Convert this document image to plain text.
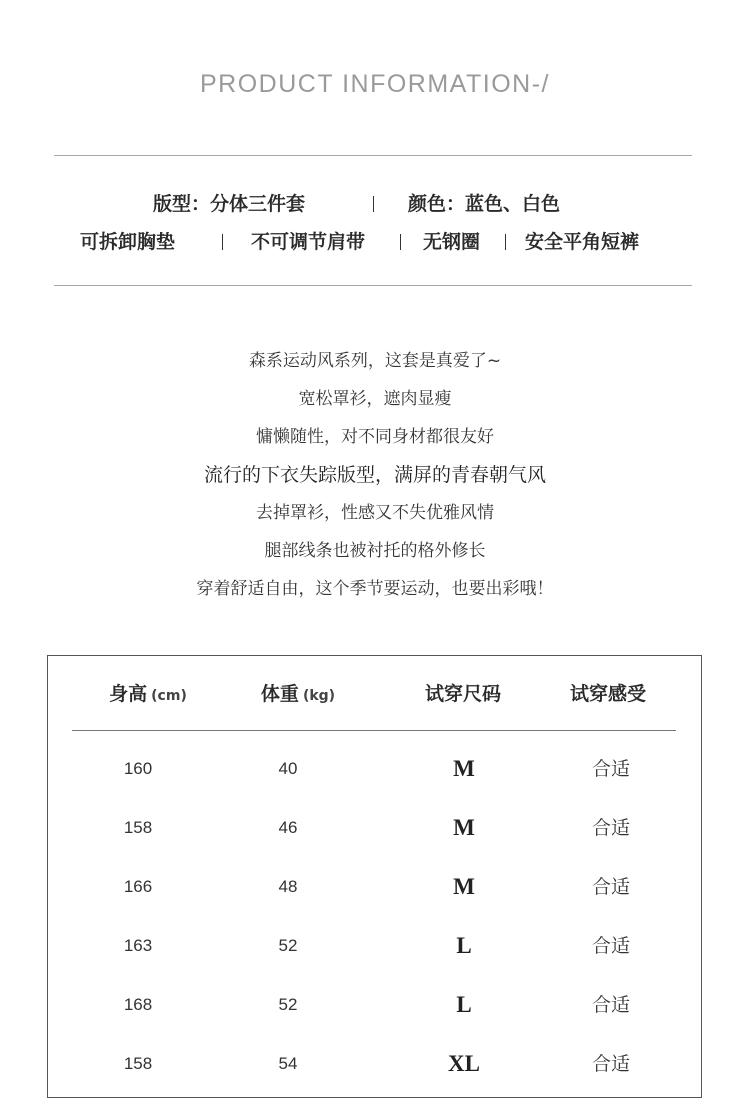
PRODUCT INFORMATION-/
版型：分体三件套	颜色：蓝色、白色
可拆卸胸垫	不可调节肩带	无钢圈 安全平角短裤
森系运动风系列，这套是真爱了~
宽松罩衫，遮肉显瘦
慵懒随性，对不同身材都很友好
流行的下衣失踪版型，满屏的青春朝气风
去掉罩衫，性感又不失优雅风情
腿部线条也被衬托的格外修长
穿着舒适自由，这个季节要运动，也要出彩哦！
身高 (cm)	体重 (kg)	试穿尺码	试穿感受
160	40	M	合适
158	46	M	合适
166	48	M	合适
163	52	L	合适
168	52	L	合适
158	54	XL	合适
